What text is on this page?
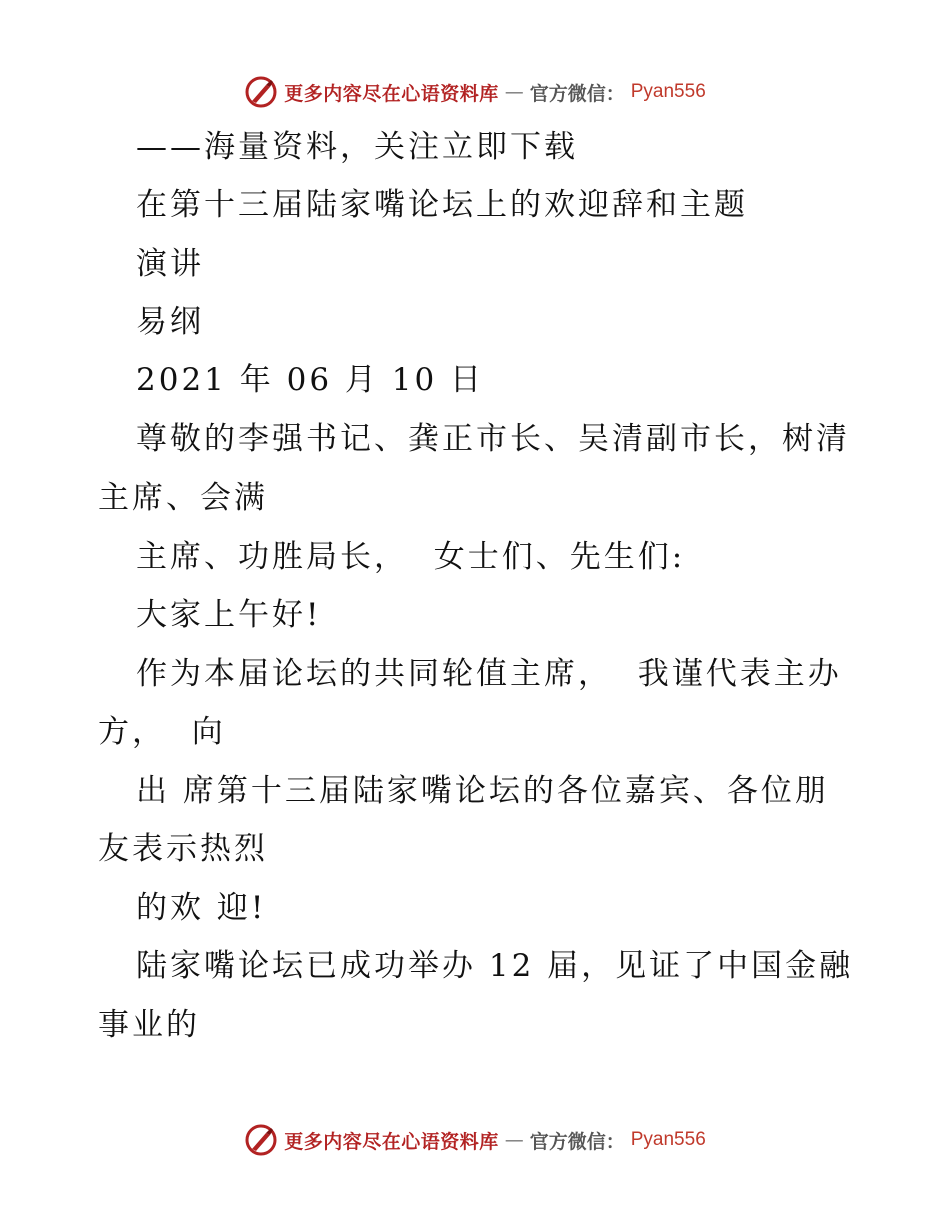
更多内容尽在心语资料库 — 官方微信： Pyan556
——海量资料，关注立即下载
在第十三届陆家嘴论坛上的欢迎辞和主题
演讲
易纲
2021 年 06 月 10 日
尊敬的李强书记、龚正市长、吴清副市长，树清
主席、会满
主席、功胜局长，  女士们、先生们:
大家上午好!
作为本届论坛的共同轮值主席，  我谨代表主办
方，  向
出 席第十三届陆家嘴论坛的各位嘉宾、各位朋
友表示热烈
的欢 迎!
陆家嘴论坛已成功举办 12 届，见证了中国金融
事业的
更多内容尽在心语资料库 — 官方微信： Pyan556
